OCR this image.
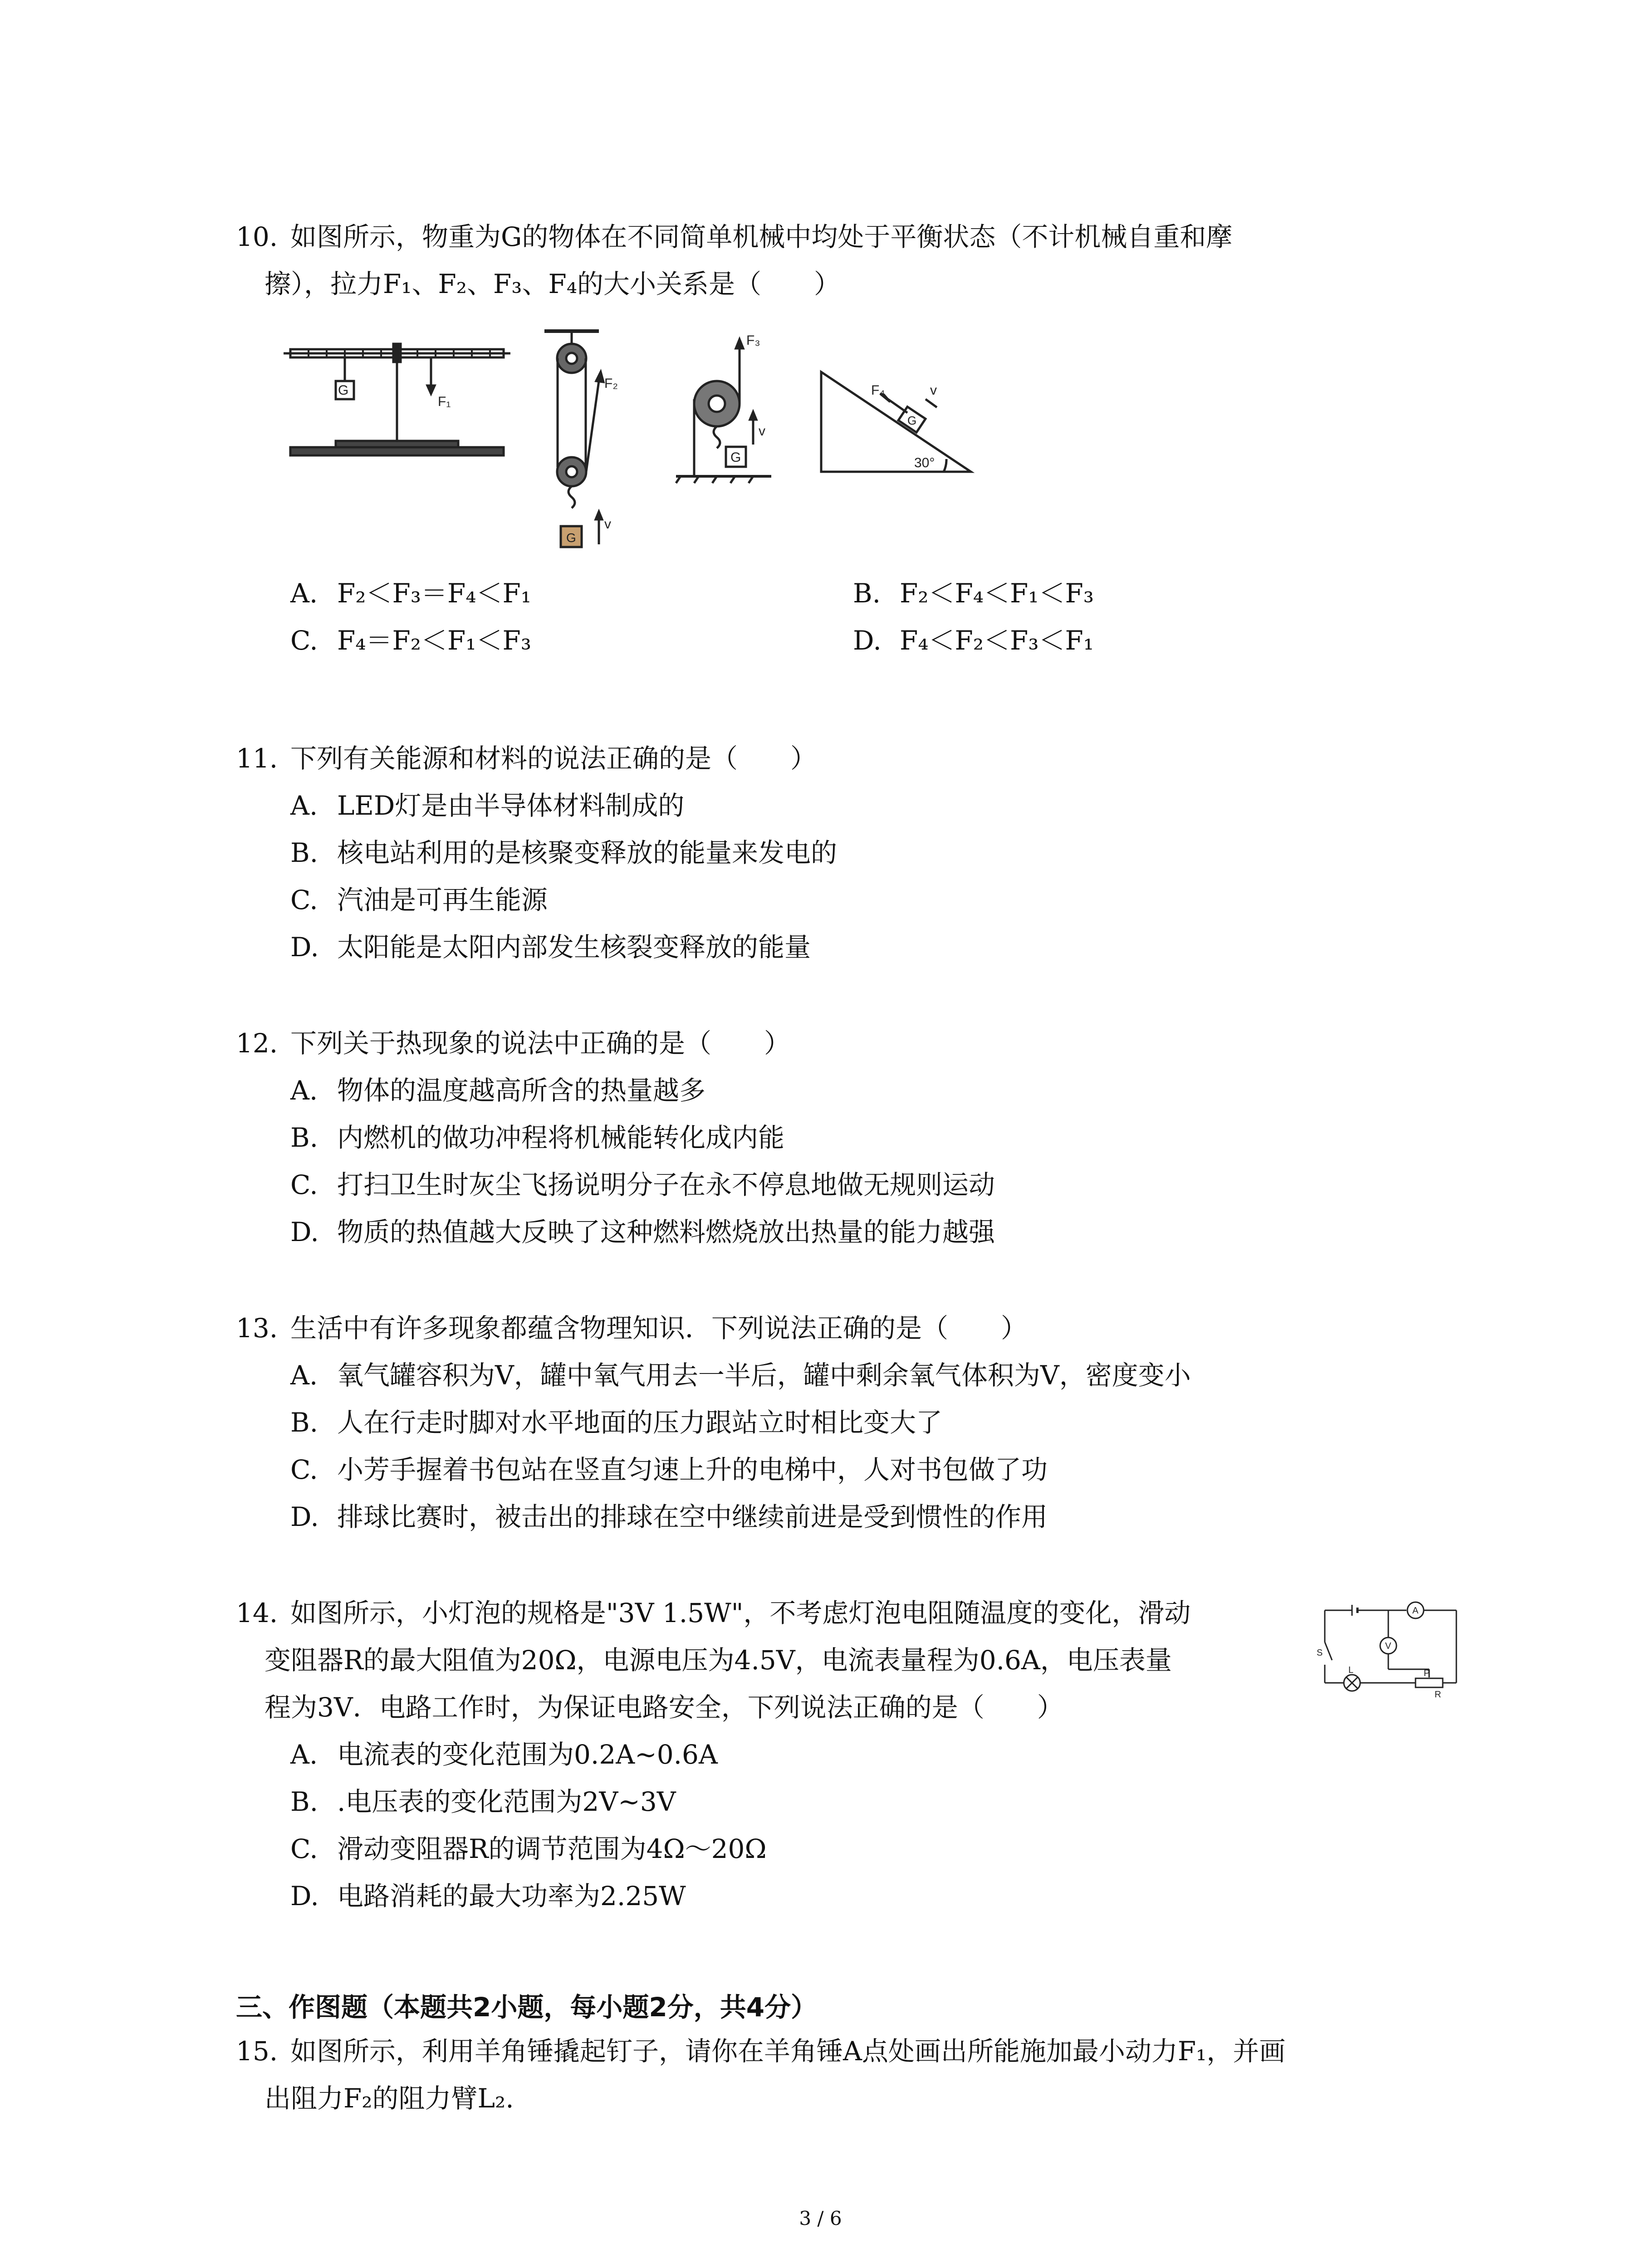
10. 如图所示，物重为G的物体在不同简单机械中均处于平衡状态（不计机械自重和摩
擦），拉力F₁、F₂、F₃、F₄的大小关系是（　　）
G
F₁
G
F₂
v
G
F₃
v
G
F₄	v
30°
A. F₂＜F₃＝F₄＜F₁	B. F₂＜F₄＜F₁＜F₃
C. F₄＝F₂＜F₁＜F₃	D. F₄＜F₂＜F₃＜F₁
11. 下列有关能源和材料的说法正确的是（　　）
A. LED灯是由半导体材料制成的
B. 核电站利用的是核聚变释放的能量来发电的
C. 汽油是可再生能源
D. 太阳能是太阳内部发生核裂变释放的能量
12. 下列关于热现象的说法中正确的是（　　）
A. 物体的温度越高所含的热量越多
B. 内燃机的做功冲程将机械能转化成内能
C. 打扫卫生时灰尘飞扬说明分子在永不停息地做无规则运动
D. 物质的热值越大反映了这种燃料燃烧放出热量的能力越强
13. 生活中有许多现象都蕴含物理知识．下列说法正确的是（　　）
A. 氧气罐容积为V，罐中氧气用去一半后，罐中剩余氧气体积为V，密度变小
B. 人在行走时脚对水平地面的压力跟站立时相比变大了
C. 小芳手握着书包站在竖直匀速上升的电梯中，人对书包做了功
D. 排球比赛时，被击出的排球在空中继续前进是受到惯性的作用
14. 如图所示，小灯泡的规格是"3V 1.5W"，不考虑灯泡电阻随温度的变化，滑动
变阻器R的最大阻值为20Ω，电源电压为4.5V，电流表量程为0.6A，电压表量
程为3V．电路工作时，为保证电路安全，下列说法正确的是（　　）
A. 电流表的变化范围为0.2A~0.6A
B. .电压表的变化范围为2V~3V
C. 滑动变阻器R的调节范围为4Ω～20Ω
D. 电路消耗的最大功率为2.25W
A
V
S
L	P
R
三、作图题（本题共2小题，每小题2分，共4分）
15. 如图所示，利用羊角锤撬起钉子，请你在羊角锤A点处画出所能施加最小动力F₁，并画
出阻力F₂的阻力臂L₂.
3 / 6
